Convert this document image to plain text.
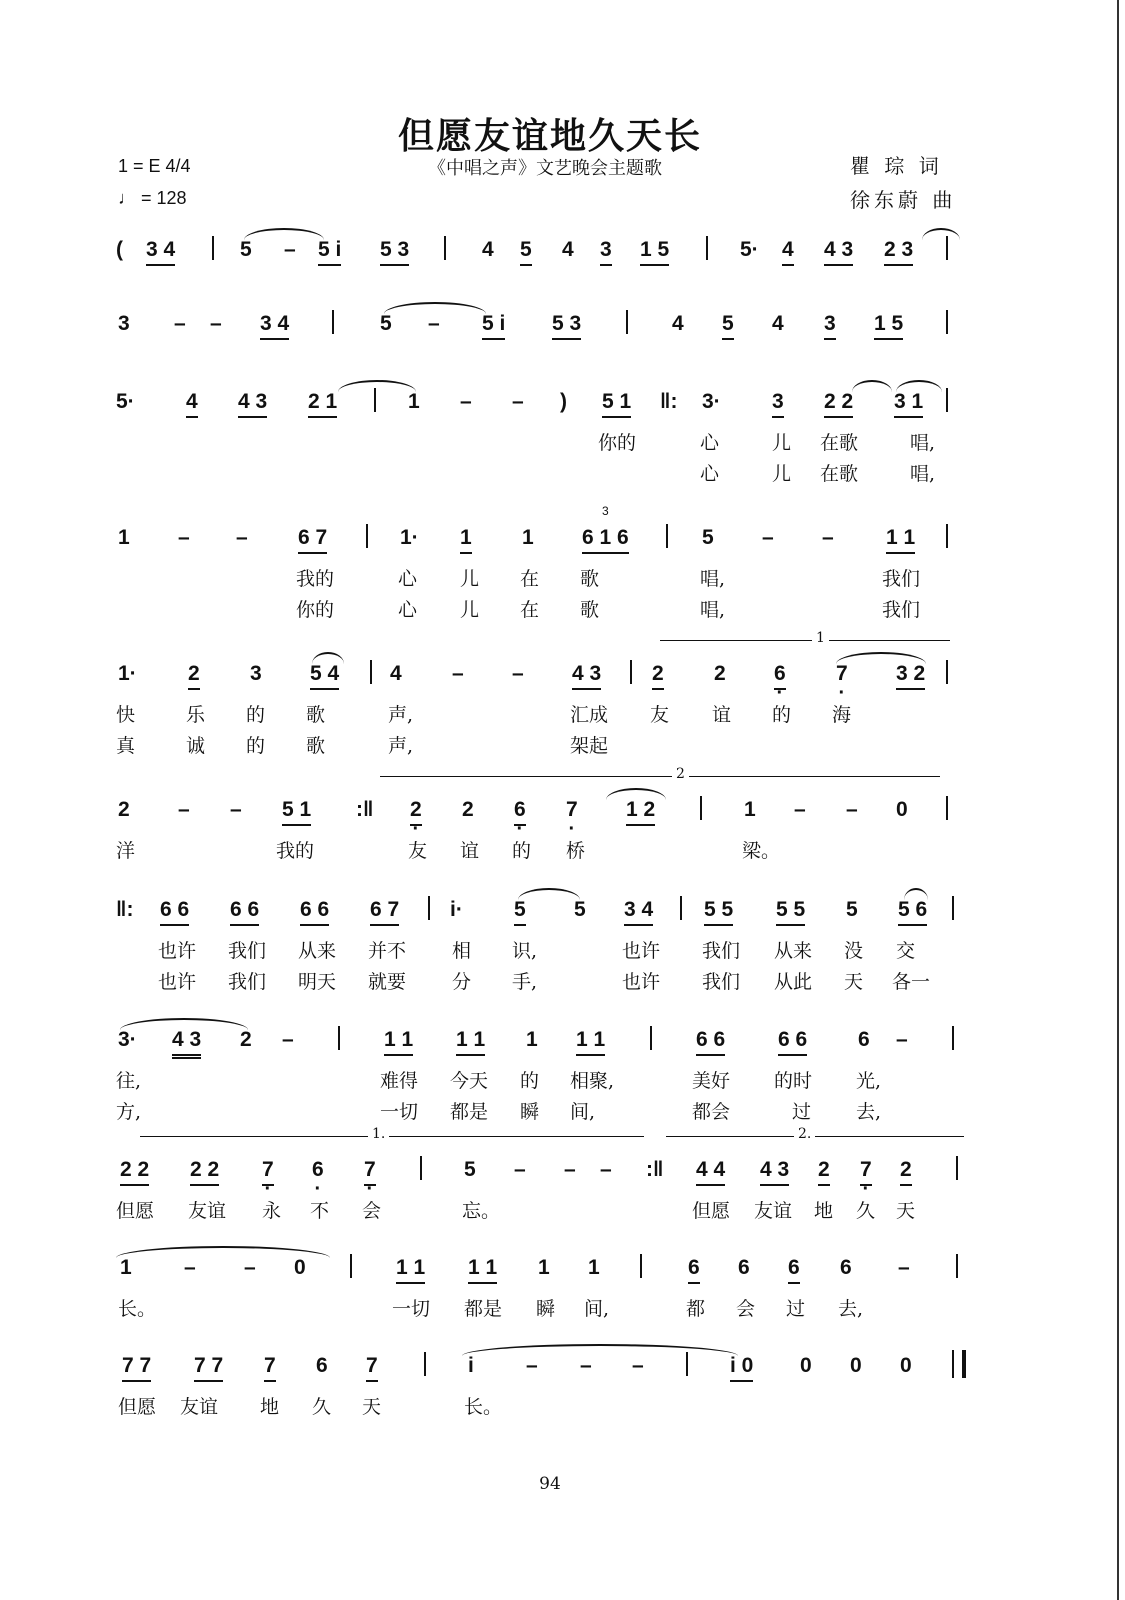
但愿友谊地久天长
《中唱之声》文艺晚会主题歌
1 = E 4/4
♩ = 128
瞿 琮 词
徐东蔚 曲
( 3 4	5 – 5 i 5 3	4 5 4 3 1 5	5· 4 4 3 2 3
3 – – 3 4	5 – 5 i 5 3	4 5 4 3 1 5
5· 4 4 3 2 1	1 – – ) 5 1 ‖: 3· 3 2 2 3 1
你的	心	儿 在歌	唱,
心	儿 在歌	唱,
3
1 – – 6 7	1· 1 1 6 1 6	5 – – 1 1
我的	心 儿 在 歌	唱,	我们
你的	心 儿 在 歌	唱,	我们
1
1· 2 3 5 4 4 – – 4 3 2 2 6 · 7 · 3 2
快	乐 的 歌	声,	汇成 友 谊 的 海
真	诚 的 歌	声,	架起
2
2 – – 5 1 :‖ 2 · 2 6 · 7 · 1 2	1 – – 0
洋	我的	友 谊 的 桥	梁。
‖: 6 6 6 6 6 6 6 7 i· 5 5 3 4 5 5 5 5 5 5 6
也许 我们 从来 并不 相 识,	也许 我们 从来 没 交
也许 我们 明天 就要 分 手,	也许 我们 从此 天 各一
3· 4 3 2 –	1 1 1 1 1 1 1	6 6	6 6 6 –
往,	难得 今天 的 相聚,	美好 的时 光,
方,	一切 都是 瞬 间,	都会	过 去,
1.	2.
2 2 2 2 7 · 6 · 7 ·	5 – – – :‖ 4 4 4 3 2 7 · 2
但愿 友谊 永 不 会	忘。	但愿 友谊 地 久 天
1 – – 0	1 1 1 1 1 1	6 6 6 6 –
长。	一切 都是 瞬 间,	都 会 过 去,
7 7 7 7 7 6 7	i – – –	i 0 0 0 0
但愿 友谊 地 久 天	长。
94
